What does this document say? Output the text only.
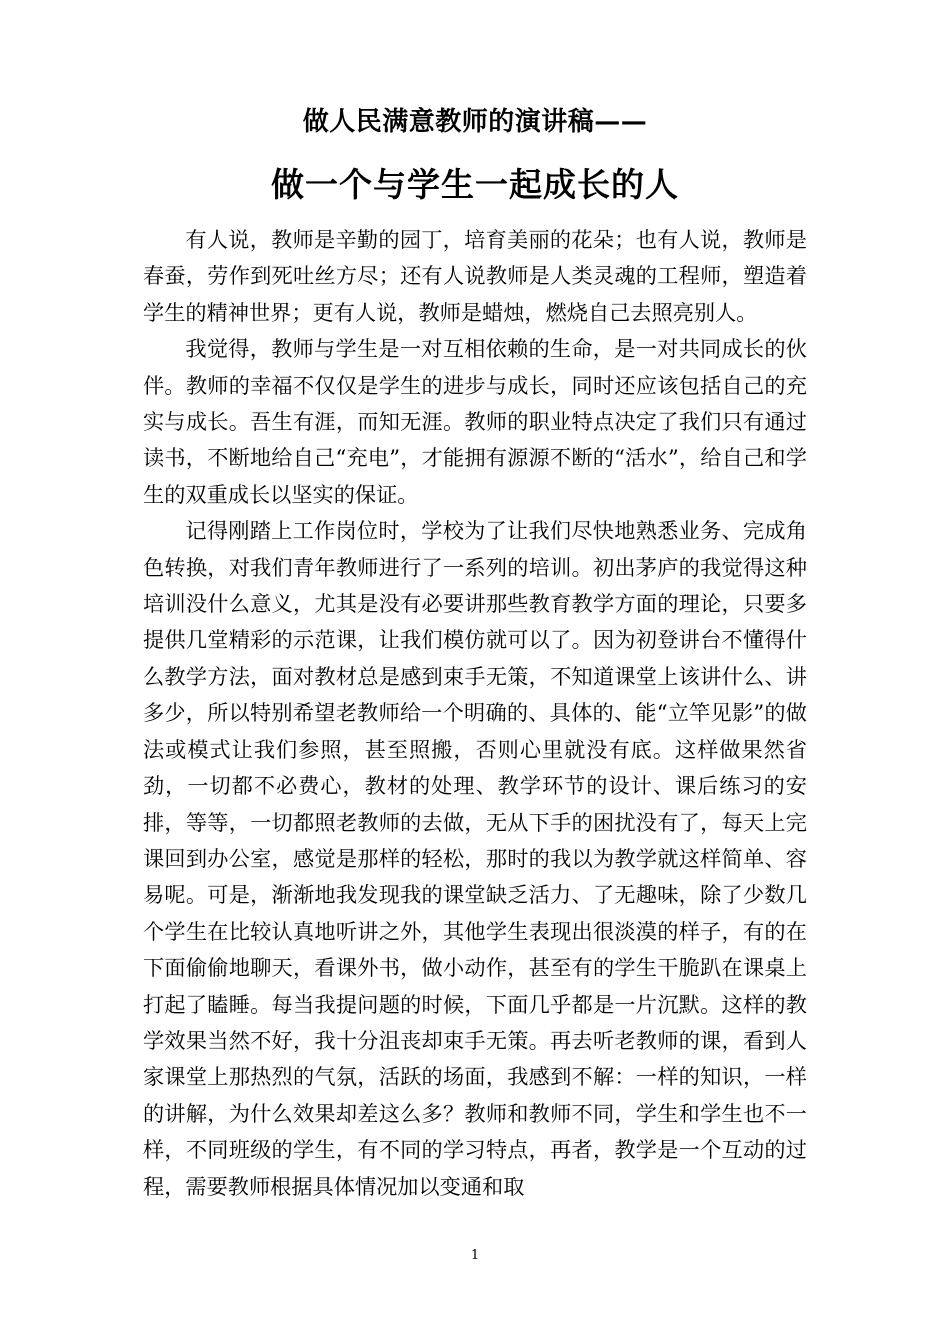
做人民满意教师的演讲稿——
做一个与学生一起成长的人

有人说，教师是辛勤的园丁，培育美丽的花朵；也有人说，教师是春蚕，劳作到死吐丝方尽；还有人说教师是人类灵魂的工程师，塑造着学生的精神世界；更有人说，教师是蜡烛，燃烧自己去照亮别人。

我觉得，教师与学生是一对互相依赖的生命，是一对共同成长的伙伴。教师的幸福不仅仅是学生的进步与成长，同时还应该包括自己的充实与成长。吾生有涯，而知无涯。教师的职业特点决定了我们只有通过读书，不断地给自己“充电”，才能拥有源源不断的“活水”，给自己和学生的双重成长以坚实的保证。

记得刚踏上工作岗位时，学校为了让我们尽快地熟悉业务、完成角色转换，对我们青年教师进行了一系列的培训。初出茅庐的我觉得这种培训没什么意义，尤其是没有必要讲那些教育教学方面的理论，只要多提供几堂精彩的示范课，让我们模仿就可以了。因为初登讲台不懂得什么教学方法，面对教材总是感到束手无策，不知道课堂上该讲什么、讲多少，所以特别希望老教师给一个明确的、具体的、能“立竿见影”的做法或模式让我们参照，甚至照搬，否则心里就没有底。这样做果然省劲，一切都不必费心，教材的处理、教学环节的设计、课后练习的安排，等等，一切都照老教师的去做，无从下手的困扰没有了，每天上完课回到办公室，感觉是那样的轻松，那时的我以为教学就这样简单、容易呢。可是，渐渐地我发现我的课堂缺乏活力、了无趣味，除了少数几个学生在比较认真地听讲之外，其他学生表现出很淡漠的样子，有的在下面偷偷地聊天，看课外书，做小动作，甚至有的学生干脆趴在课桌上打起了瞌睡。每当我提问题的时候，下面几乎都是一片沉默。这样的教学效果当然不好，我十分沮丧却束手无策。再去听老教师的课，看到人家课堂上那热烈的气氛，活跃的场面，我感到不解：一样的知识，一样的讲解，为什么效果却差这么多？教师和教师不同，学生和学生也不一样，不同班级的学生，有不同的学习特点，再者，教学是一个互动的过程，需要教师根据具体情况加以变通和取

1
